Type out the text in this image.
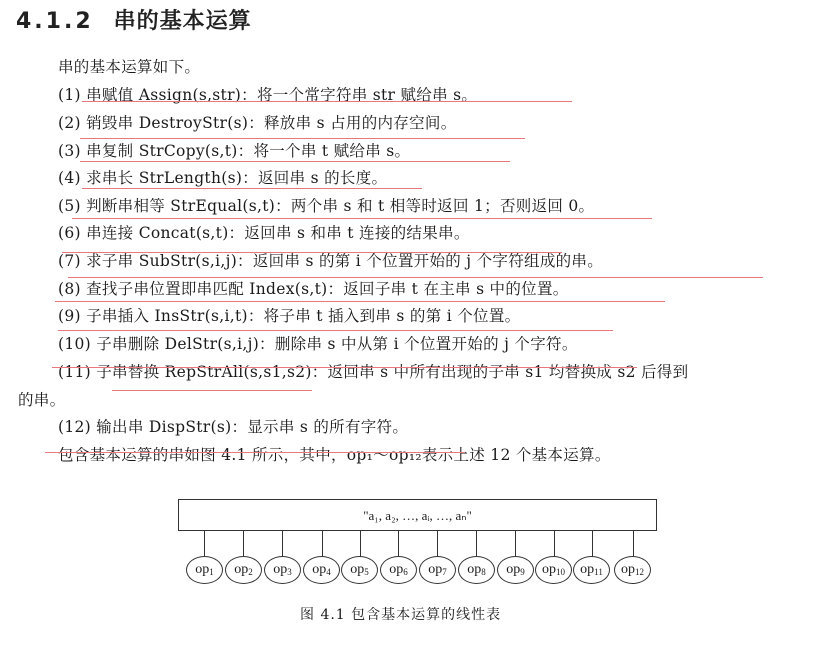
4.1.2 串的基本运算
串的基本运算如下。
(1) 串赋值 Assign(s,str)：将一个常字符串 str 赋给串 s。
(2) 销毁串 DestroyStr(s)：释放串 s 占用的内存空间。
(3) 串复制 StrCopy(s,t)：将一个串 t 赋给串 s。
(4) 求串长 StrLength(s)：返回串 s 的长度。
(5) 判断串相等 StrEqual(s,t)：两个串 s 和 t 相等时返回 1；否则返回 0。
(6) 串连接 Concat(s,t)：返回串 s 和串 t 连接的结果串。
(7) 求子串 SubStr(s,i,j)：返回串 s 的第 i 个位置开始的 j 个字符组成的串。
(8) 查找子串位置即串匹配 Index(s,t)：返回子串 t 在主串 s 中的位置。
(9) 子串插入 InsStr(s,i,t)：将子串 t 插入到串 s 的第 i 个位置。
(10) 子串删除 DelStr(s,i,j)：删除串 s 中从第 i 个位置开始的 j 个字符。
(11) 子串替换 RepStrAll(s,s1,s2)：返回串 s 中所有出现的子串 s1 均替换成 s2 后得到
的串。
(12) 输出串 DispStr(s)：显示串 s 的所有字符。
包含基本运算的串如图 4.1 所示，其中，op₁～op₁₂表示上述 12 个基本运算。
"a₁, a₂, …, aᵢ, …, aₙ"
$op_1$	$op_2$	$op_3$	$op_4$	$op_5$	$op_6$	$op_7$	$op_8$	$op_9$	$op_{10}$	$op_{11}$	$op_{12}$
图 4.1 包含基本运算的线性表
